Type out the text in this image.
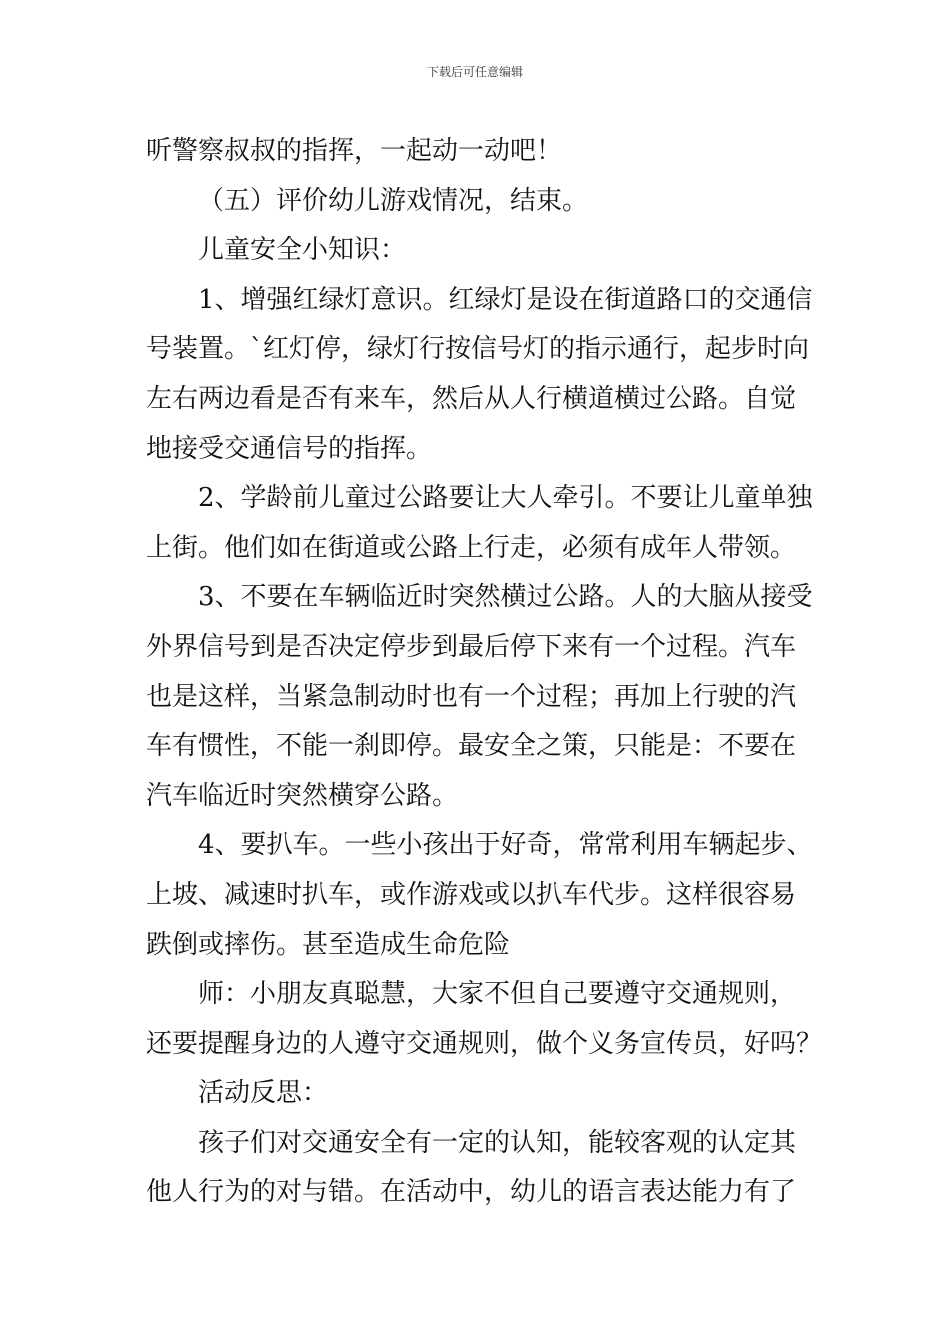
下载后可任意编辑
听警察叔叔的指挥，一起动一动吧！
（五）评价幼儿游戏情况，结束。
儿童安全小知识：
1、增强红绿灯意识。红绿灯是设在街道路口的交通信
号装置。`红灯停，绿灯行按信号灯的指示通行，起步时向
左右两边看是否有来车，然后从人行横道横过公路。自觉
地接受交通信号的指挥。
2、学龄前儿童过公路要让大人牵引。不要让儿童单独
上街。他们如在街道或公路上行走，必须有成年人带领。
3、不要在车辆临近时突然横过公路。人的大脑从接受
外界信号到是否决定停步到最后停下来有一个过程。汽车
也是这样，当紧急制动时也有一个过程；再加上行驶的汽
车有惯性，不能一刹即停。最安全之策，只能是：不要在
汽车临近时突然横穿公路。
4、要扒车。一些小孩出于好奇，常常利用车辆起步、
上坡、减速时扒车，或作游戏或以扒车代步。这样很容易
跌倒或摔伤。甚至造成生命危险
师：小朋友真聪慧，大家不但自己要遵守交通规则，
还要提醒身边的人遵守交通规则，做个义务宣传员，好吗？
活动反思：
孩子们对交通安全有一定的认知，能较客观的认定其
他人行为的对与错。在活动中，幼儿的语言表达能力有了
